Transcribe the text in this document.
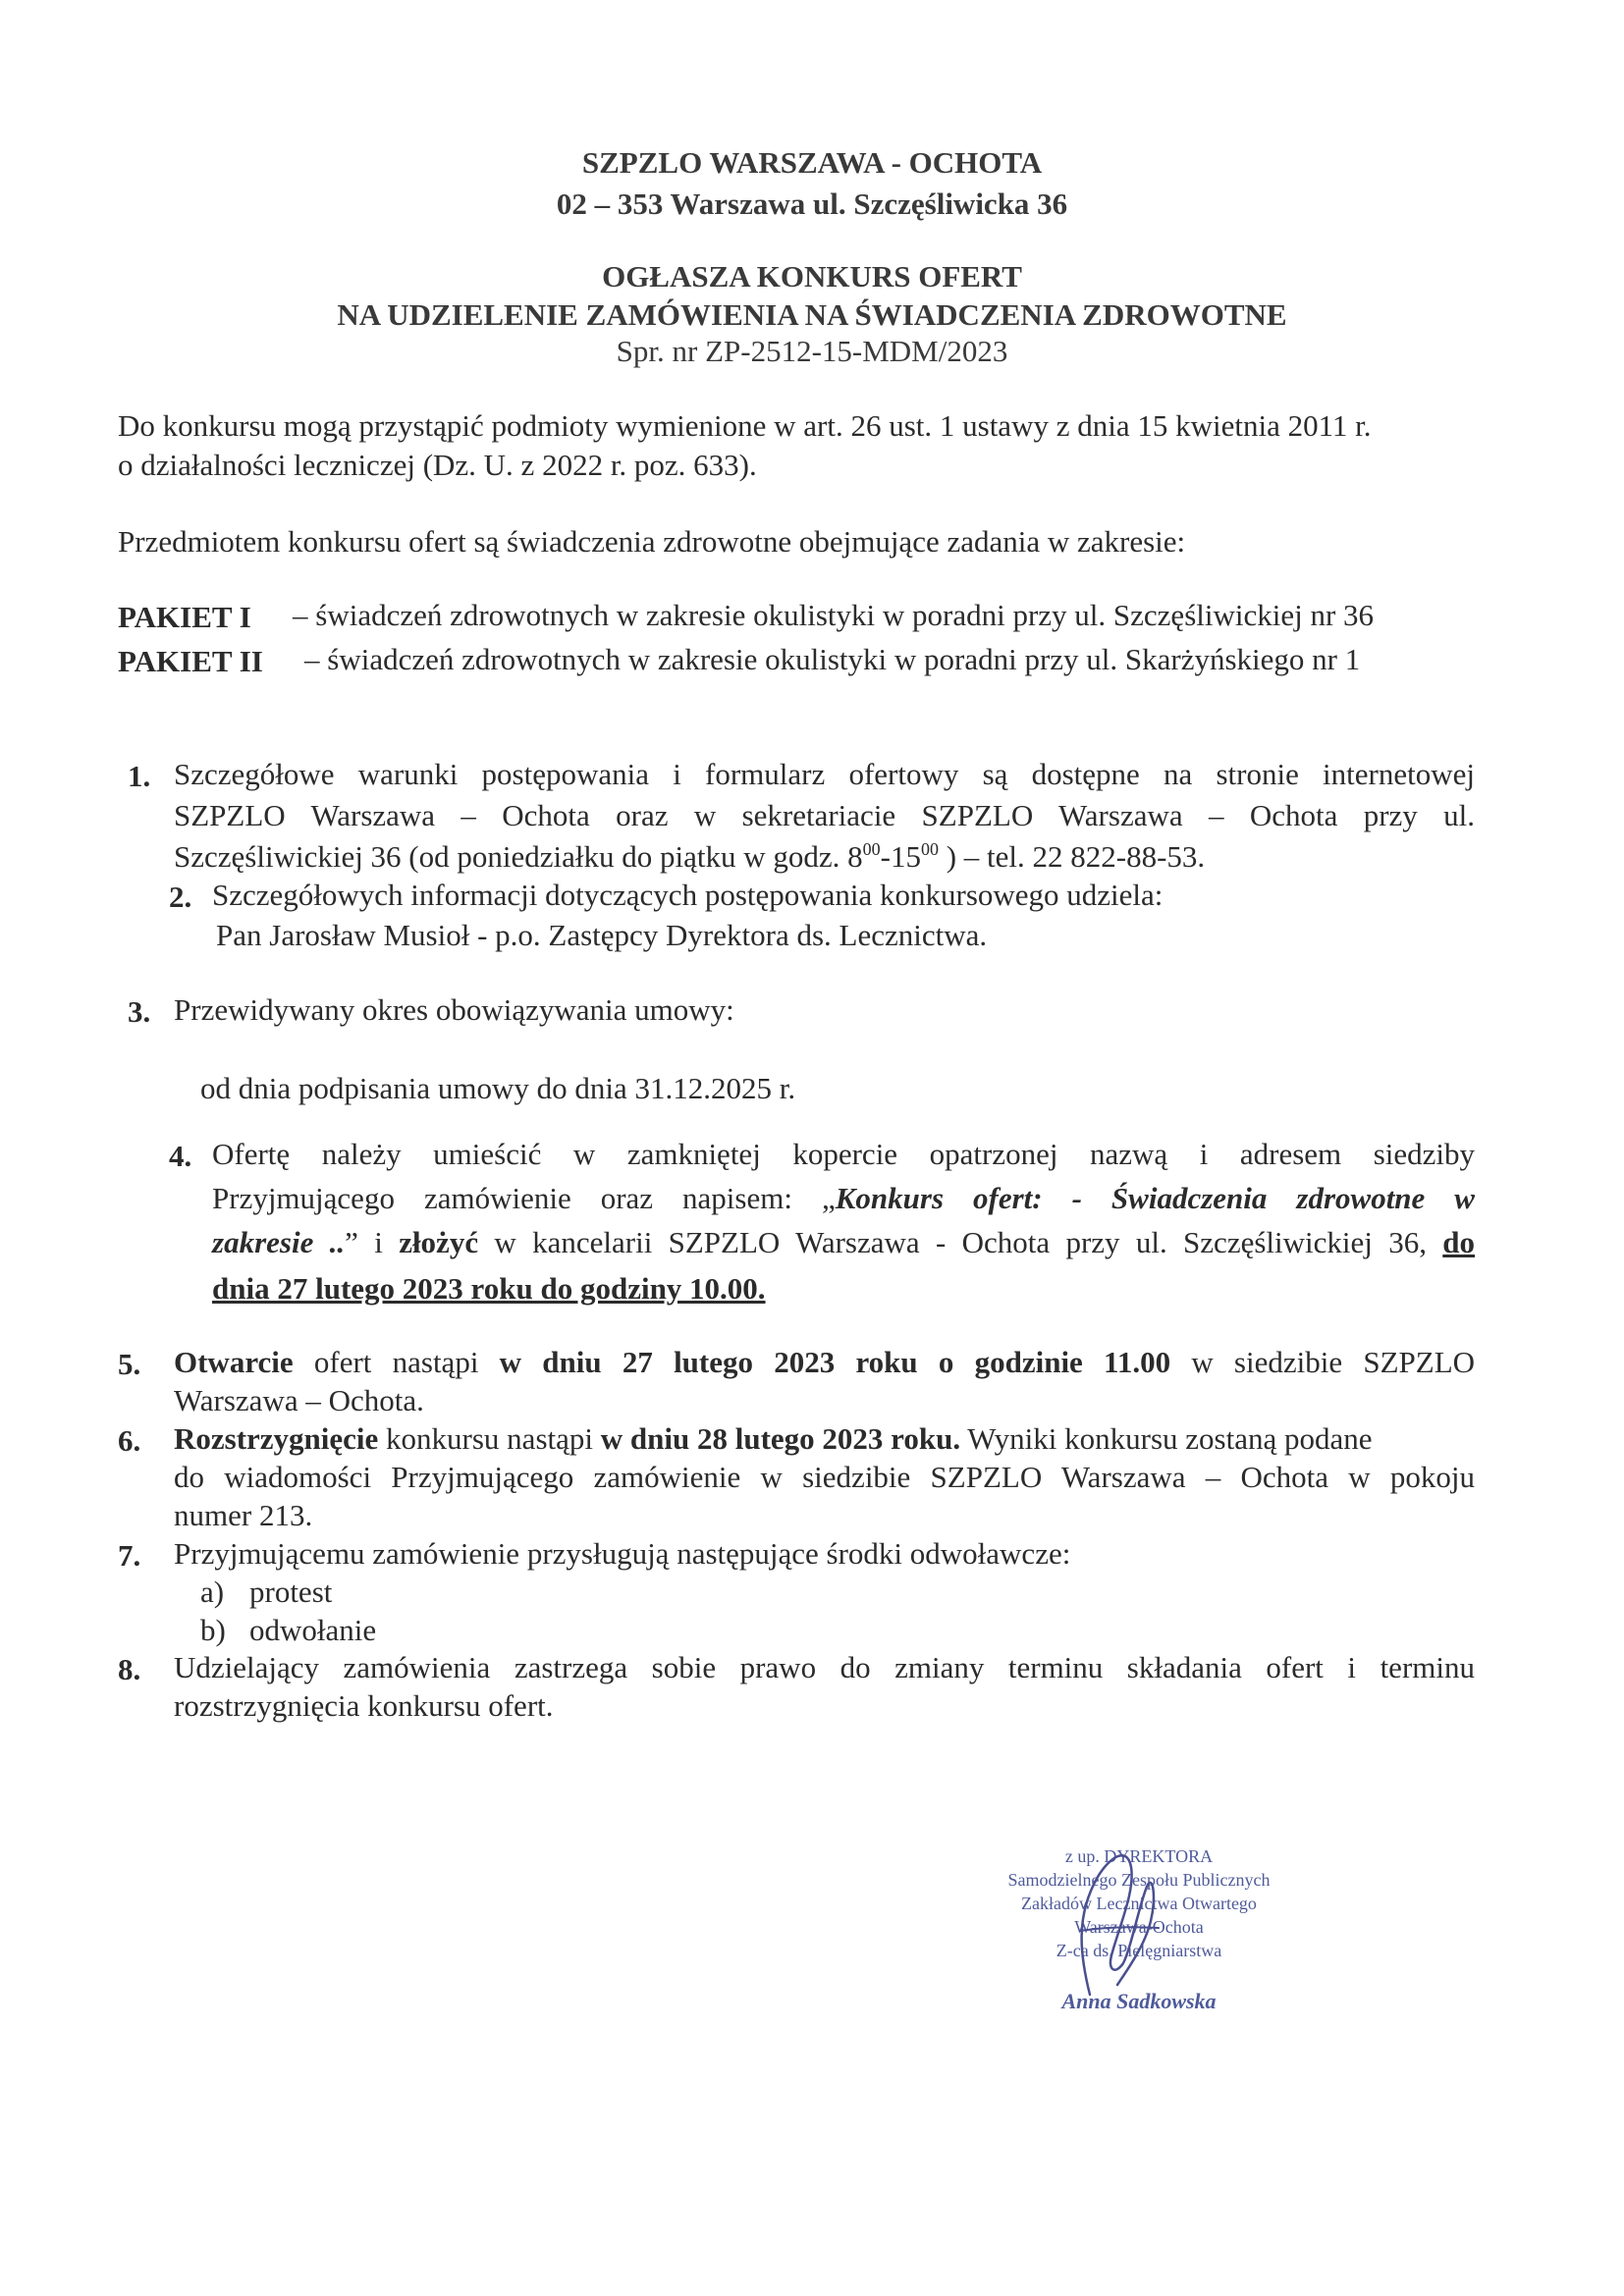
SZPZLO WARSZAWA - OCHOTA
02 – 353 Warszawa ul. Szczęśliwicka 36
OGŁASZA KONKURS OFERT
NA UDZIELENIE ZAMÓWIENIA NA ŚWIADCZENIA ZDROWOTNE
Spr. nr ZP-2512-15-MDM/2023
Do konkursu mogą przystąpić podmioty wymienione w art. 26 ust. 1 ustawy z dnia 15 kwietnia 2011 r.
o działalności leczniczej (Dz. U. z 2022 r. poz. 633).
Przedmiotem konkursu ofert są świadczenia zdrowotne obejmujące zadania w zakresie:
PAKIET I – świadczeń zdrowotnych w zakresie okulistyki w poradni przy ul. Szczęśliwickiej nr 36
PAKIET II – świadczeń zdrowotnych w zakresie okulistyki w poradni przy ul. Skarżyńskiego nr 1
1. Szczegółowe warunki postępowania i formularz ofertowy są dostępne na stronie internetowej
SZPZLO Warszawa – Ochota oraz w sekretariacie SZPZLO Warszawa – Ochota przy ul.
Szczęśliwickiej 36 (od poniedziałku do piątku w godz. $8^{00}-15^{00}$ ) – tel. 22 822-88-53.
2. Szczegółowych informacji dotyczących postępowania konkursowego udziela:
Pan Jarosław Musioł - p.o. Zastępcy Dyrektora ds. Lecznictwa.
3. Przewidywany okres obowiązywania umowy:
od dnia podpisania umowy do dnia 31.12.2025 r.
4. Ofertę należy umieścić w zamkniętej kopercie opatrzonej nazwą i adresem siedziby
Przyjmującego zamówienie oraz napisem: „Konkurs ofert: - Świadczenia zdrowotne w
zakresie ..” i złożyć w kancelarii SZPZLO Warszawa - Ochota przy ul. Szczęśliwickiej 36, do
dnia 27 lutego 2023 roku do godziny 10.00.
5. Otwarcie ofert nastąpi w dniu 27 lutego 2023 roku o godzinie 11.00 w siedzibie SZPZLO
Warszawa – Ochota.
6. Rozstrzygnięcie konkursu nastąpi w dniu 28 lutego 2023 roku. Wyniki konkursu zostaną podane
do wiadomości Przyjmującego zamówienie w siedzibie SZPZLO Warszawa – Ochota w pokoju
numer 213.
7. Przyjmującemu zamówienie przysługują następujące środki odwoławcze:
a) protest
b) odwołanie
8. Udzielający zamówienia zastrzega sobie prawo do zmiany terminu składania ofert i terminu
rozstrzygnięcia konkursu ofert.
z up. DYREKTORA
Samodzielnego Zespołu Publicznych
Zakładów Lecznictwa Otwartego
Warszawa-Ochota
Z-ca ds. Pielęgniarstwa
Anna Sadkowska
